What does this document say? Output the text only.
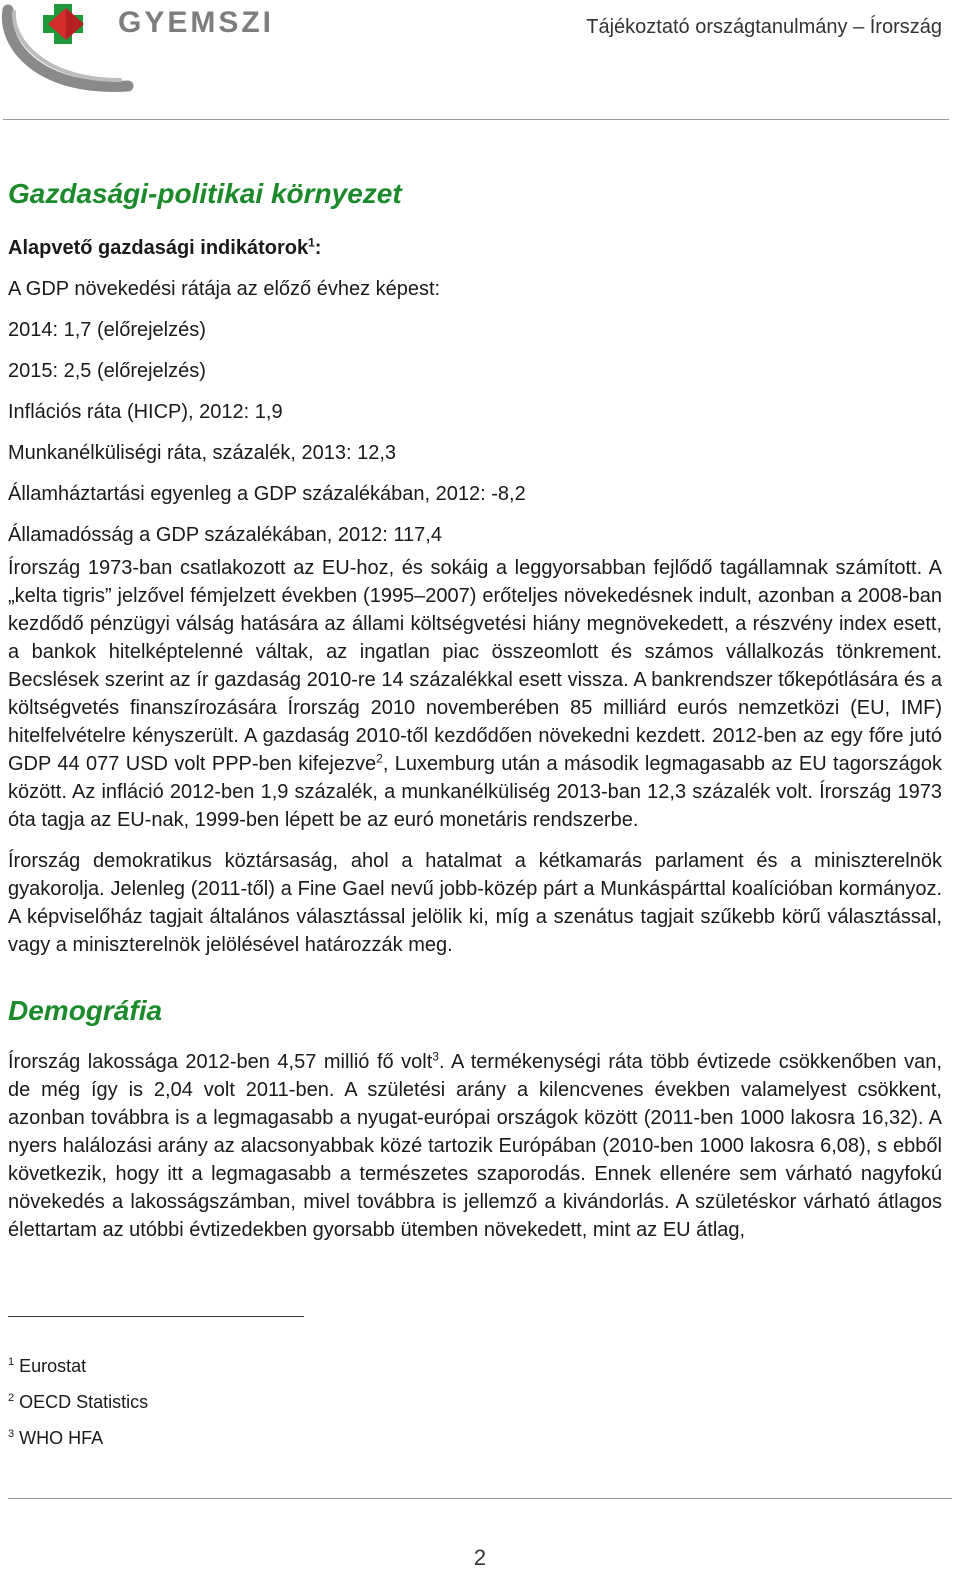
GYEMSZI	Tájékoztató országtanulmány – Írország
Gazdasági-politikai környezet
Alapvető gazdasági indikátorok$^1$:
A GDP növekedési rátája az előző évhez képest:
2014: 1,7 (előrejelzés)
2015: 2,5 (előrejelzés)
Inflációs ráta (HICP), 2012: 1,9
Munkanélküliségi ráta, százalék, 2013: 12,3
Államháztartási egyenleg a GDP százalékában, 2012: -8,2
Államadósság a GDP százalékában, 2012: 117,4

Írország 1973-ban csatlakozott az EU-hoz, és sokáig a leggyorsabban fejlődő tagállamnak számított. A „kelta tigris” jelzővel fémjelzett években (1995–2007) erőteljes növekedésnek indult, azonban a 2008-ban kezdődő pénzügyi válság hatására az állami költségvetési hiány megnövekedett, a részvény index esett, a bankok hitelképtelenné váltak, az ingatlan piac összeomlott és számos vállalkozás tönkrement. Becslések szerint az ír gazdaság 2010-re 14 százalékkal esett vissza. A bankrendszer tőkepótlására és a költségvetés finanszírozására Írország 2010 novemberében 85 milliárd eurós nemzetközi (EU, IMF) hitelfelvételre kényszerült. A gazdaság 2010-től kezdődően növekedni kezdett. 2012-ben az egy főre jutó GDP 44 077 USD volt PPP-ben kifejezve$^2$, Luxemburg után a második legmagasabb az EU tagországok között. Az infláció 2012-ben 1,9 százalék, a munkanélküliség 2013-ban 12,3 százalék volt. Írország 1973 óta tagja az EU-nak, 1999-ben lépett be az euró monetáris rendszerbe.

Írország demokratikus köztársaság, ahol a hatalmat a kétkamarás parlament és a miniszterelnök gyakorolja. Jelenleg (2011-től) a Fine Gael nevű jobb-közép párt a Munkáspárttal koalícióban kormányoz. A képviselőház tagjait általános választással jelölik ki, míg a szenátus tagjait szűkebb körű választással, vagy a miniszterelnök jelölésével határozzák meg.

Demográfia

Írország lakossága 2012-ben 4,57 millió fő volt$^3$. A termékenységi ráta több évtizede csökkenőben van, de még így is 2,04 volt 2011-ben. A születési arány a kilencvenes években valamelyest csökkent, azonban továbbra is a legmagasabb a nyugat-európai országok között (2011-ben 1000 lakosra 16,32). A nyers halálozási arány az alacsonyabbak közé tartozik Európában (2010-ben 1000 lakosra 6,08), s ebből következik, hogy itt a legmagasabb a természetes szaporodás. Ennek ellenére sem várható nagyfokú növekedés a lakosságszámban, mivel továbbra is jellemző a kivándorlás. A születéskor várható átlagos élettartam az utóbbi évtizedekben gyorsabb ütemben növekedett, mint az EU átlag,

$^1$ Eurostat
$^2$ OECD Statistics
$^3$ WHO HFA
2
